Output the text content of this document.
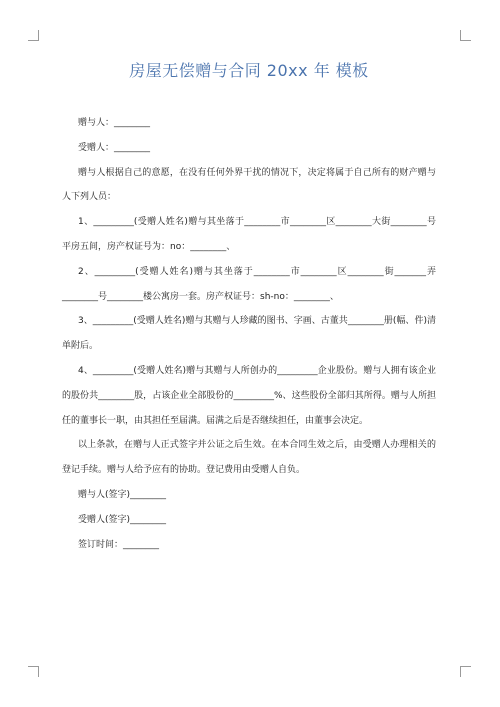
房屋无偿赠与合同 20xx 年 模板

赠与人：________

受赠人：________

赠与人根据自己的意愿，在没有任何外界干扰的情况下，决定将属于自己所有的财产赠与人下列人员：

1、_________(受赠人姓名)赠与其坐落于________市________区________大街________号平房五间，房产权证号为：no：________、

2、_________(受赠人姓名)赠与其坐落于________市________区________街_______弄________号________楼公寓房一套。房产权证号：sh-no：________、

3、_________(受赠人姓名)赠与其赠与人珍藏的图书、字画、古董共________册(幅、件)清单附后。

4、_________(受赠人姓名)赠与其赠与人所创办的_________企业股份。赠与人拥有该企业的股份共________股，占该企业全部股份的_________%、这些股份全部归其所得。赠与人所担任的董事长一职，由其担任至届满。届满之后是否继续担任，由董事会决定。

以上条款，在赠与人正式签字并公证之后生效。在本合同生效之后，由受赠人办理相关的登记手续。赠与人给予应有的协助。登记费用由受赠人自负。

赠与人(签字)________

受赠人(签字)________

签订时间：________
